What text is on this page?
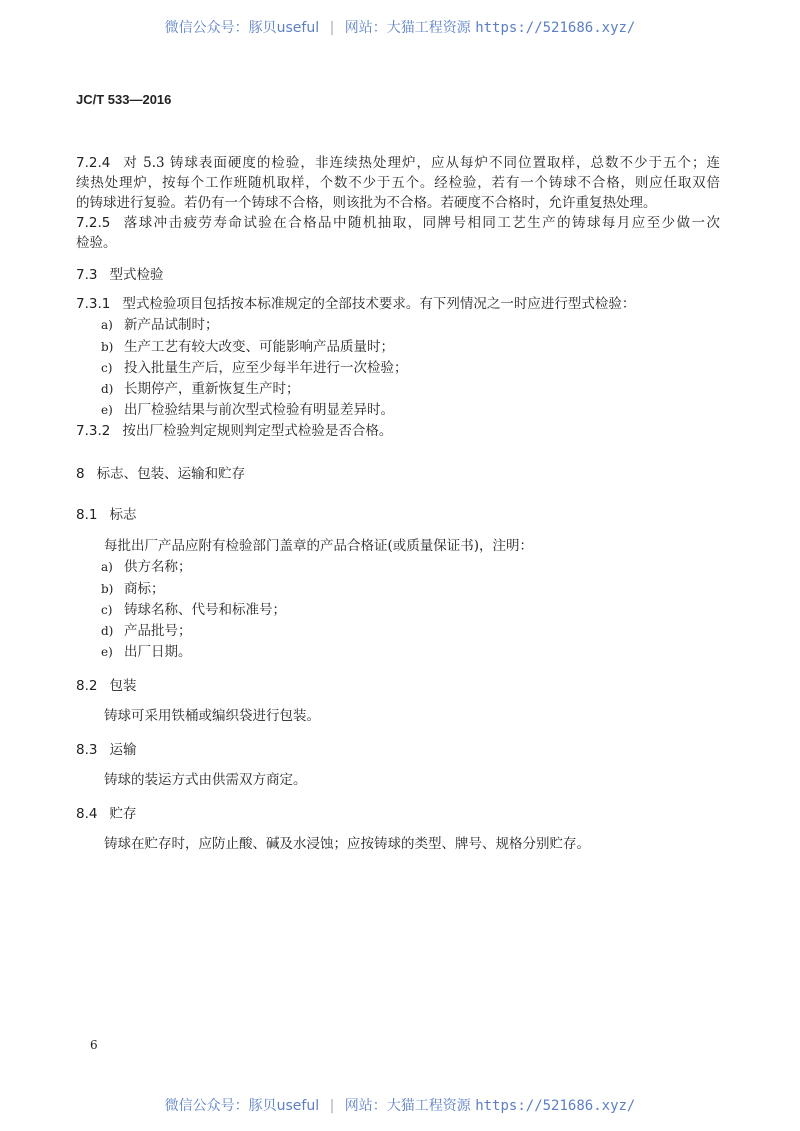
微信公众号：豚贝useful | 网站：大猫工程资源 https://521686.xyz/
JC/T 533—2016
7.2.4 对 5.3 铸球表面硬度的检验，非连续热处理炉，应从每炉不同位置取样，总数不少于五个；连
续热处理炉，按每个工作班随机取样，个数不少于五个。经检验，若有一个铸球不合格，则应任取双倍
的铸球进行复验。若仍有一个铸球不合格，则该批为不合格。若硬度不合格时，允许重复热处理。
7.2.5 落球冲击疲劳寿命试验在合格品中随机抽取，同牌号相同工艺生产的铸球每月应至少做一次
检验。
7.3 型式检验
7.3.1 型式检验项目包括按本标准规定的全部技术要求。有下列情况之一时应进行型式检验：
a) 新产品试制时；
b) 生产工艺有较大改变、可能影响产品质量时；
c) 投入批量生产后，应至少每半年进行一次检验；
d) 长期停产，重新恢复生产时；
e) 出厂检验结果与前次型式检验有明显差异时。
7.3.2 按出厂检验判定规则判定型式检验是否合格。
8 标志、包装、运输和贮存
8.1 标志
每批出厂产品应附有检验部门盖章的产品合格证(或质量保证书)，注明：
a) 供方名称；
b) 商标；
c) 铸球名称、代号和标准号；
d) 产品批号；
e) 出厂日期。
8.2 包装
铸球可采用铁桶或编织袋进行包装。
8.3 运输
铸球的装运方式由供需双方商定。
8.4 贮存
铸球在贮存时，应防止酸、碱及水浸蚀；应按铸球的类型、牌号、规格分别贮存。
6
微信公众号：豚贝useful | 网站：大猫工程资源 https://521686.xyz/
